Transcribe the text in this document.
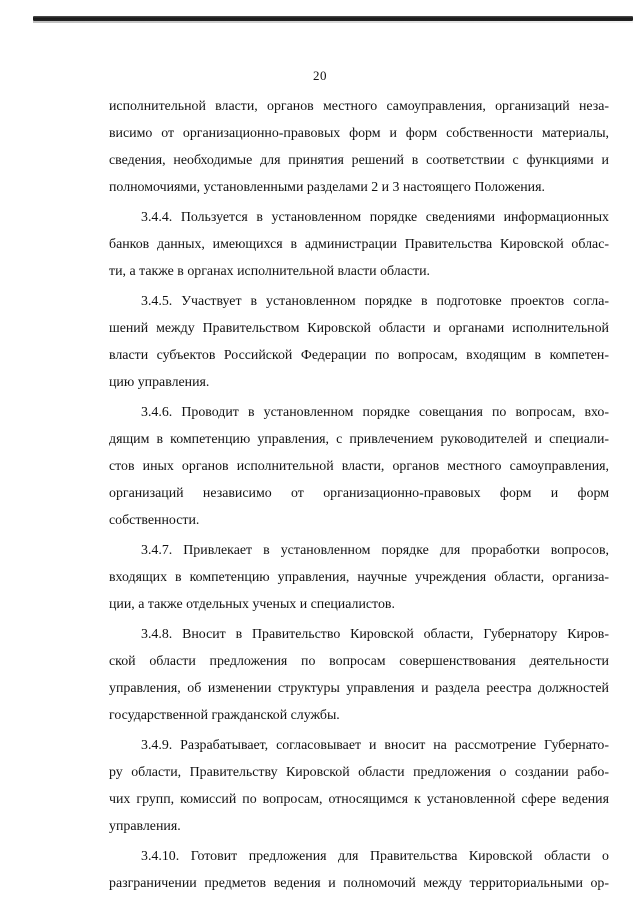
20
исполнительной власти, органов местного самоуправления, организаций неза-
висимо от организационно-правовых форм и форм собственности материалы,
сведения, необходимые для принятия решений в соответствии с функциями и
полномочиями, установленными разделами 2 и 3 настоящего Положения.
3.4.4. Пользуется в установленном порядке сведениями информационных
банков данных, имеющихся в администрации Правительства Кировской облас-
ти, а также в органах исполнительной власти области.
3.4.5. Участвует в установленном порядке в подготовке проектов согла-
шений между Правительством Кировской области и органами исполнительной
власти субъектов Российской Федерации по вопросам, входящим в компетен-
цию управления.
3.4.6. Проводит в установленном порядке совещания по вопросам, вхо-
дящим в компетенцию управления, с привлечением руководителей и специали-
стов иных органов исполнительной власти, органов местного самоуправления,
организаций независимо от организационно-правовых форм и форм
собственности.
3.4.7. Привлекает в установленном порядке для проработки вопросов,
входящих в компетенцию управления, научные учреждения области, организа-
ции, а также отдельных ученых и специалистов.
3.4.8. Вносит в Правительство Кировской области, Губернатору Киров-
ской области предложения по вопросам совершенствования деятельности
управления, об изменении структуры управления и раздела реестра должностей
государственной гражданской службы.
3.4.9. Разрабатывает, согласовывает и вносит на рассмотрение Губернато-
ру области, Правительству Кировской области предложения о создании рабо-
чих групп, комиссий по вопросам, относящимся к установленной сфере ведения
управления.
3.4.10. Готовит предложения для Правительства Кировской области о
разграничении предметов ведения и полномочий между территориальными ор-
